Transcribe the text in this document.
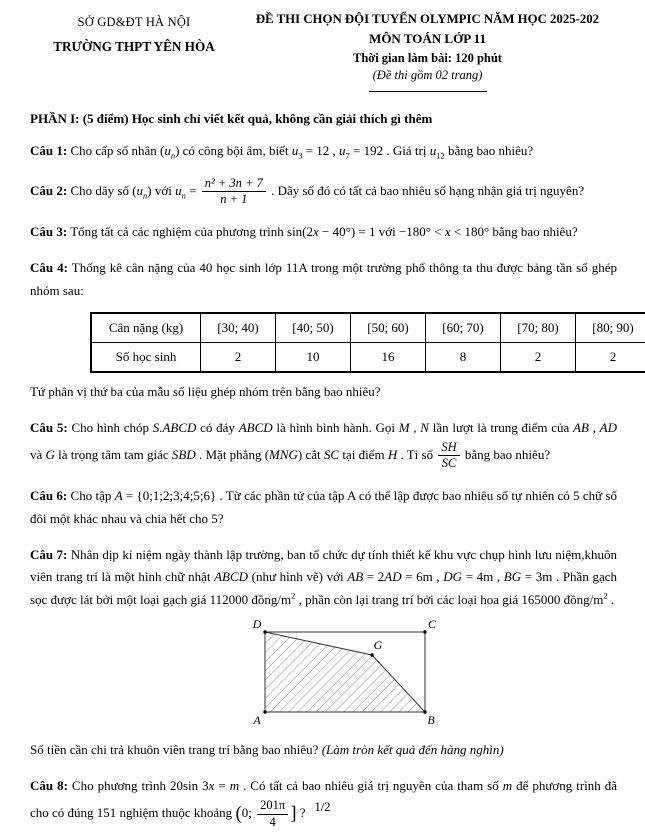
SỞ GD&ĐT HÀ NỘI
TRƯỜNG THPT YÊN HÒA
ĐỀ THI CHỌN ĐỘI TUYỂN OLYMPIC NĂM HỌC 2025-202
MÔN TOÁN LỚP 11
Thời gian làm bài: 120 phút
(Đề thi gồm 02 trang)

PHẦN I: (5 điểm) Học sinh chỉ viết kết quả, không cần giải thích gì thêm

Câu 1: Cho cấp số nhân $(u_n)$ có công bội âm, biết $u_3 = 12$ , $u_7 = 192$ . Giá trị $u_{12}$ bằng bao nhiêu?

Câu 2: Cho dãy số $(u_n)$ với $u_n = \frac{\text{n² + 3n + 7}}{n + 1}$ . Dãy số đó có tất cả bao nhiêu số hạng nhận giá trị nguyên?

Câu 3: Tổng tất cả các nghiệm của phương trình sin(2x − 40°) = 1 với −180° < x < 180° bằng bao nhiêu?

Câu 4: Thống kê cân nặng của 40 học sinh lớp 11A trong một trường phổ thông ta thu được bảng tần số ghép nhóm sau:

Cân nặng (kg)	[30; 40)	[40; 50)	[50; 60)	[60; 70)	[70; 80)	[80; 90)
Số học sinh	2	10	16	8	2	2

Tứ phân vị thứ ba của mẫu số liệu ghép nhóm trên bằng bao nhiêu?

Câu 5: Cho hình chóp S.ABCD có đáy ABCD là hình bình hành. Gọi M , N lần lượt là trung điểm của AB , AD và G là trọng tâm tam giác SBD . Mặt phẳng (MNG) cắt SC tại điểm H . Tỉ số $\frac{SH}{SC}$ bằng bao nhiêu?

Câu 6: Cho tập A = {0;1;2;3;4;5;6} . Từ các phần tử của tập A có thể lập được bao nhiêu số tự nhiên có 5 chữ số đôi một khác nhau và chia hết cho 5?

Câu 7: Nhân dịp kỉ niệm ngày thành lập trường, ban tổ chức dự tính thiết kế khu vực chụp hình lưu niệm,khuôn viên trang trí là một hình chữ nhật ABCD (như hình vẽ) với AB = 2AD = 6m , DG = 4m , BG = 3m . Phần gạch sọc được lát bởi một loại gạch giá 112000 đồng/$m^2$ , phần còn lại trang trí bởi các loại hoa giá 165000 đồng/$m^2$ .

D	C
G
A	B

Số tiền cần chi trả khuôn viên trang trí bằng bao nhiêu? (Làm tròn kết quả đến hàng nghìn)

Câu 8: Cho phương trình 20sin 3x = m . Có tất cả bao nhiêu giá trị nguyên của tham số m để phương trình đã cho có đúng 151 nghiệm thuộc khoảng (0; $\frac{201\pi}{4}$ ] ? 1/2
